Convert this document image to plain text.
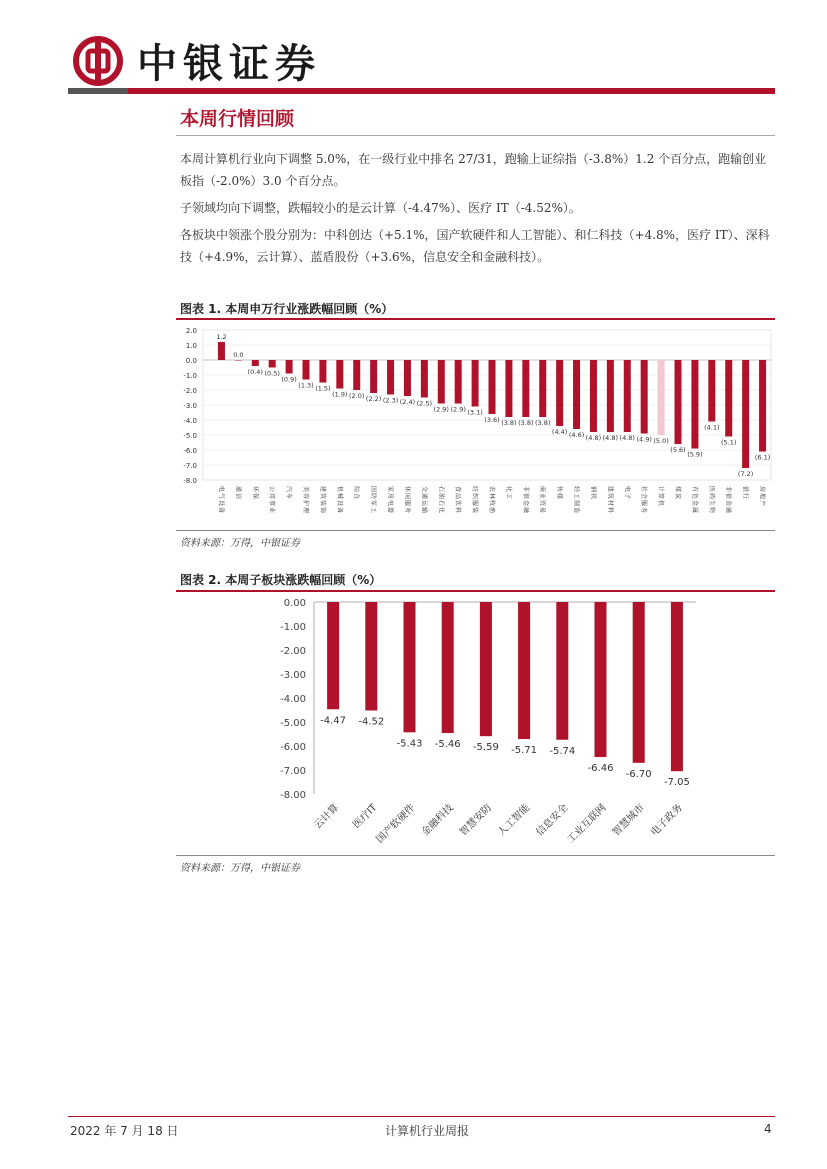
中银证券
本周行情回顾
本周计算机行业向下调整 5.0%，在一级行业中排名 27/31，跑输上证综指（-3.8%）1.2 个百分点，跑输创业板指（-2.0%）3.0 个百分点。
子领域均向下调整，跌幅较小的是云计算（-4.47%）、医疗 IT（-4.52%）。
各板块中领涨个股分别为：中科创达（+5.1%，国产软硬件和人工智能）、和仁科技（+4.8%，医疗 IT）、深科技（+4.9%，云计算）、蓝盾股份（+3.6%，信息安全和金融科技）。
图表 1. 本周申万行业涨跌幅回顾（%）
2.0
1.0
0.0
-1.0
-2.0
-3.0
-4.0
-5.0
-6.0
-7.0
-8.0
1.2
电
气
设
备
0.0
通
信
(0.4)
环
保
(0.5)
公
用
事
业
(0.9)
汽
车
(1.3)
美
容
护
理
(1.5)
建
筑
装
饰
(1.9)
机
械
设
备
(2.0)
综
合
(2.2)
国
防
军
工
(2.3)
家
用
电
器
(2.4)
休
闲
服
务
(2.5)
交
通
运
输
(2.9)
石
油
石
化
(2.9)
食
品
饮
料
(3.1)
纺
织
服
装
(3.6)
农
林
牧
渔
(3.8)
化
工
(3.8)
非
银
金
融
(3.8)
商
业
贸
易
(4.4)
传
媒
(4.6)
轻
工
制
造
(4.8)
钢
铁
(4.8)
建
筑
材
料
(4.8)
电
子
(4.9)
社
会
服
务
(5.0)
计
算
机
(5.6)
煤
炭
(5.9)
有
色
金
属
(4.1)
医
药
生
物
(5.1)
非
银
金
融
(7.2)
银
行
(6.1)
房
地
产
资料来源：万得，中银证券
图表 2. 本周子板块涨跌幅回顾（%）
0.00
-1.00
-2.00
-3.00
-4.00
-5.00
-6.00
-7.00
-8.00
-4.47
云计算
-4.52
医疗IT
-5.43
国产软硬件
-5.46
金融科技
-5.59
智慧安防
-5.71
人工智能
-5.74
信息安全
-6.46
工业互联网
-6.70
智慧城市
-7.05
电子政务
资料来源：万得，中银证券
2022 年 7 月 18 日	计算机行业周报	4
